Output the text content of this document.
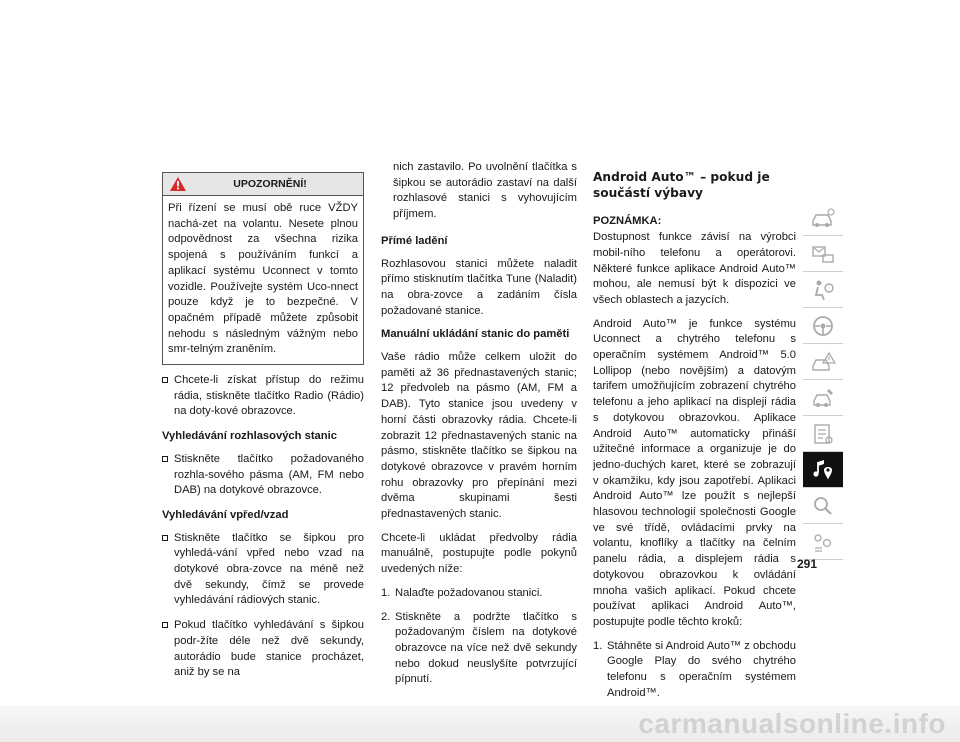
UPOZORNĚNÍ!
Při řízení se musí obě ruce VŽDY nachá-zet na volantu. Nesete plnou odpovědnost za všechna rizika spojená s používáním funkcí a aplikací systému Uconnect v tomto vozidle. Používejte systém Uco-nnect pouze když je to bezpečné. V opačném případě můžete způsobit nehodu s následným vážným nebo smr-telným zraněním.
Chcete-li získat přístup do režimu rádia, stiskněte tlačítko Radio (Rádio) na doty-kové obrazovce.
Vyhledávání rozhlasových stanic
Stiskněte tlačítko požadovaného rozhla-sového pásma (AM, FM nebo DAB) na dotykové obrazovce.
Vyhledávání vpřed/vzad
Stiskněte tlačítko se šipkou pro vyhledá-vání vpřed nebo vzad na dotykové obra-zovce na méně než dvě sekundy, čímž se provede vyhledávání rádiových stanic.
Pokud tlačítko vyhledávání s šipkou podr-žíte déle než dvě sekundy, autorádio bude stanice procházet, aniž by se na
nich zastavilo. Po uvolnění tlačítka s šipkou se autorádio zastaví na další rozhlasové stanici s vyhovujícím příjmem.
Přímé ladění

Rozhlasovou stanici můžete naladit přímo stisknutím tlačítka Tune (Naladit) na obra-zovce a zadáním čísla požadované stanice.

Manuální ukládání stanic do paměti

Vaše rádio může celkem uložit do paměti až 36 přednastavených stanic; 12 předvoleb na pásmo (AM, FM a DAB). Tyto stanice jsou uvedeny v horní části obrazovky rádia. Chcete-li zobrazit 12 přednastavených stanic na pásmo, stiskněte tlačítko se šipkou na dotykové obrazovce v pravém horním rohu obrazovky pro přepínání mezi dvěma skupinami šesti přednastavených stanic.

Chcete-li ukládat předvolby rádia manuálně, postupujte podle pokynů uvedených níže:

1. Nalaďte požadovanou stanici.
2. Stiskněte a podržte tlačítko s požadovaným číslem na dotykové obrazovce na více než dvě sekundy nebo dokud neuslyšíte potvrzující pípnutí.
Android Auto™ – pokud je součástí výbavy
POZNÁMKA:

Dostupnost funkce závisí na výrobci mobil-ního telefonu a operátorovi. Některé funkce aplikace Android Auto™ mohou, ale nemusí být k dispozici ve všech oblastech a jazycích.

Android Auto™ je funkce systému Uconnect a chytrého telefonu s operačním systémem Android™ 5.0 Lollipop (nebo novějším) a datovým tarifem umožňujícím zobrazení chytrého telefonu a jeho aplikací na displeji rádia s dotykovou obrazovkou. Aplikace Android Auto™ automaticky přináší užitečné informace a organizuje je do jedno-duchých karet, které se zobrazují v okamžiku, kdy jsou zapotřebí. Aplikaci Android Auto™ lze použít s nejlepší hlasovou technologií společnosti Google ve své třídě, ovládacími prvky na volantu, knoflíky a tlačítky na čelním panelu rádia, a displejem rádia s dotykovou obrazovkou k ovládání mnoha vašich aplikací. Pokud chcete používat aplikaci Android Auto™, postupujte podle těchto kroků:

1. Stáhněte si Android Auto™ z obchodu Google Play do svého chytrého telefonu s operačním systémem Android™.
291
carmanualsonline.info
